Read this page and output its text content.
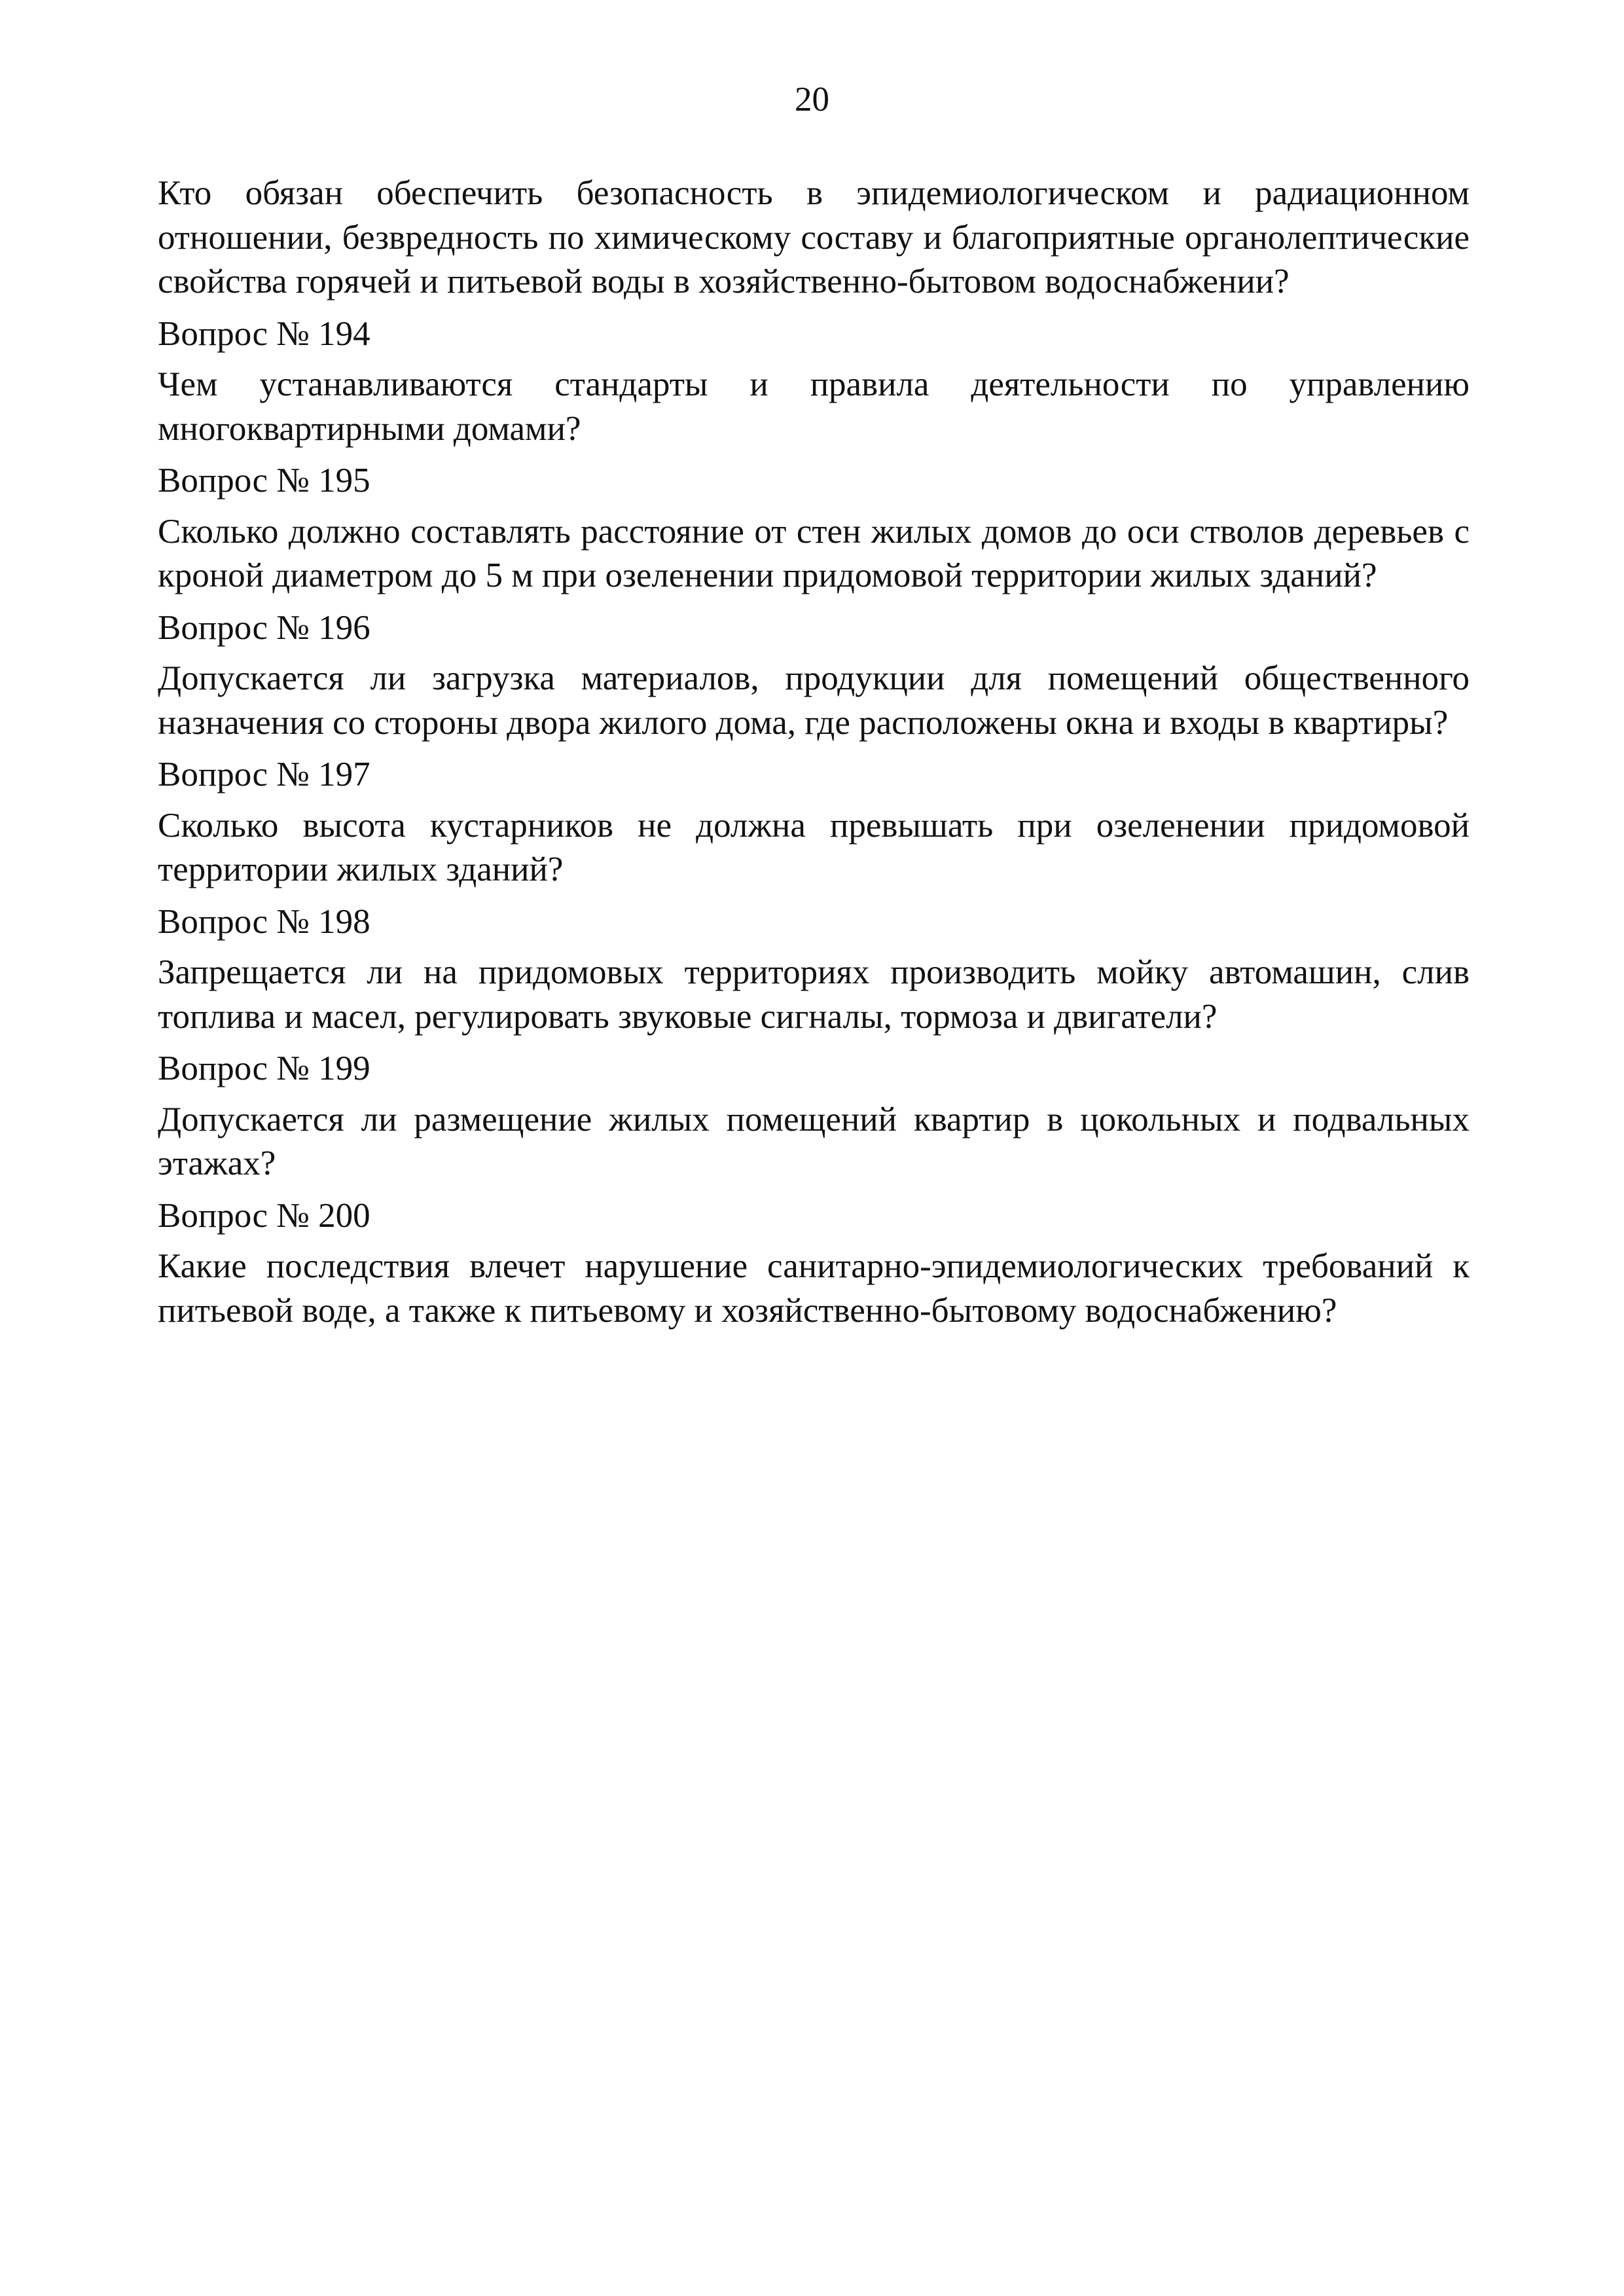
20

Кто обязан обеспечить безопасность в эпидемиологическом и радиационном отношении, безвредность по химическому составу и благоприятные органолептические свойства горячей и питьевой воды в хозяйственно-бытовом водоснабжении?

Вопрос № 194

Чем устанавливаются стандарты и правила деятельности по управлению многоквартирными домами?

Вопрос № 195

Сколько должно составлять расстояние от стен жилых домов до оси стволов деревьев с кроной диаметром до 5 м при озеленении придомовой территории жилых зданий?

Вопрос № 196

Допускается ли загрузка материалов, продукции для помещений общественного назначения со стороны двора жилого дома, где расположены окна и входы в квартиры?

Вопрос № 197

Сколько высота кустарников не должна превышать при озеленении придомовой территории жилых зданий?

Вопрос № 198

Запрещается ли на придомовых территориях производить мойку автомашин, слив топлива и масел, регулировать звуковые сигналы, тормоза и двигатели?

Вопрос № 199

Допускается ли размещение жилых помещений квартир в цокольных и подвальных этажах?

Вопрос № 200

Какие последствия влечет нарушение санитарно-эпидемиологических требований к питьевой воде, а также к питьевому и хозяйственно-бытовому водоснабжению?
